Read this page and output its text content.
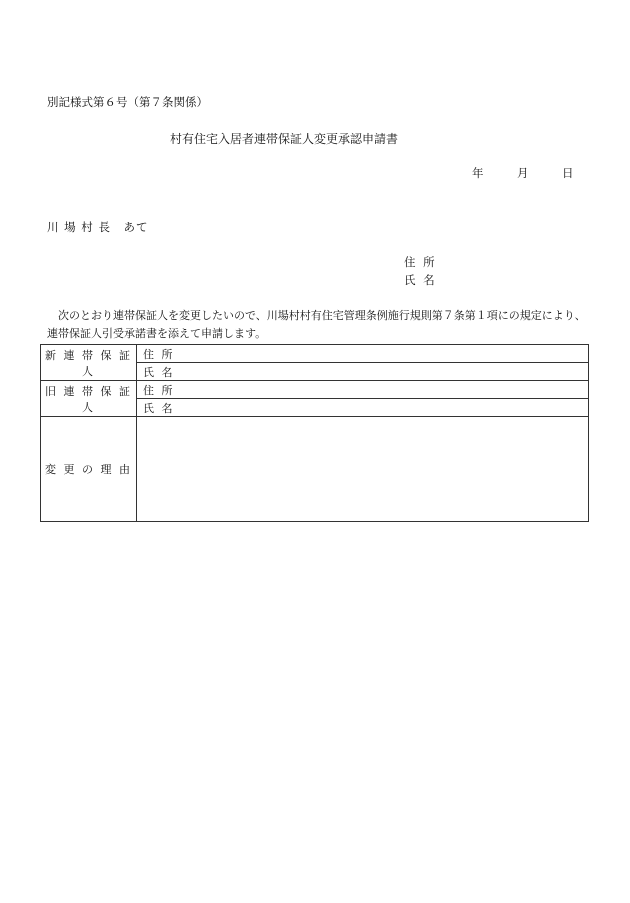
別記様式第６号（第７条関係）
村有住宅入居者連帯保証人変更承認申請書
年	月	日
川 場 村 長　あて
住 所
氏 名
次のとおり連帯保証人を変更したいので、川場村村有住宅管理条例施行規則第７条第１項にの規定により、
連帯保証人引受承諾書を添えて申請します。
新 連 帯 保 証 人	住 所
	氏 名
旧 連 帯 保 証 人	住 所
	氏 名
変 更 の 理 由	
